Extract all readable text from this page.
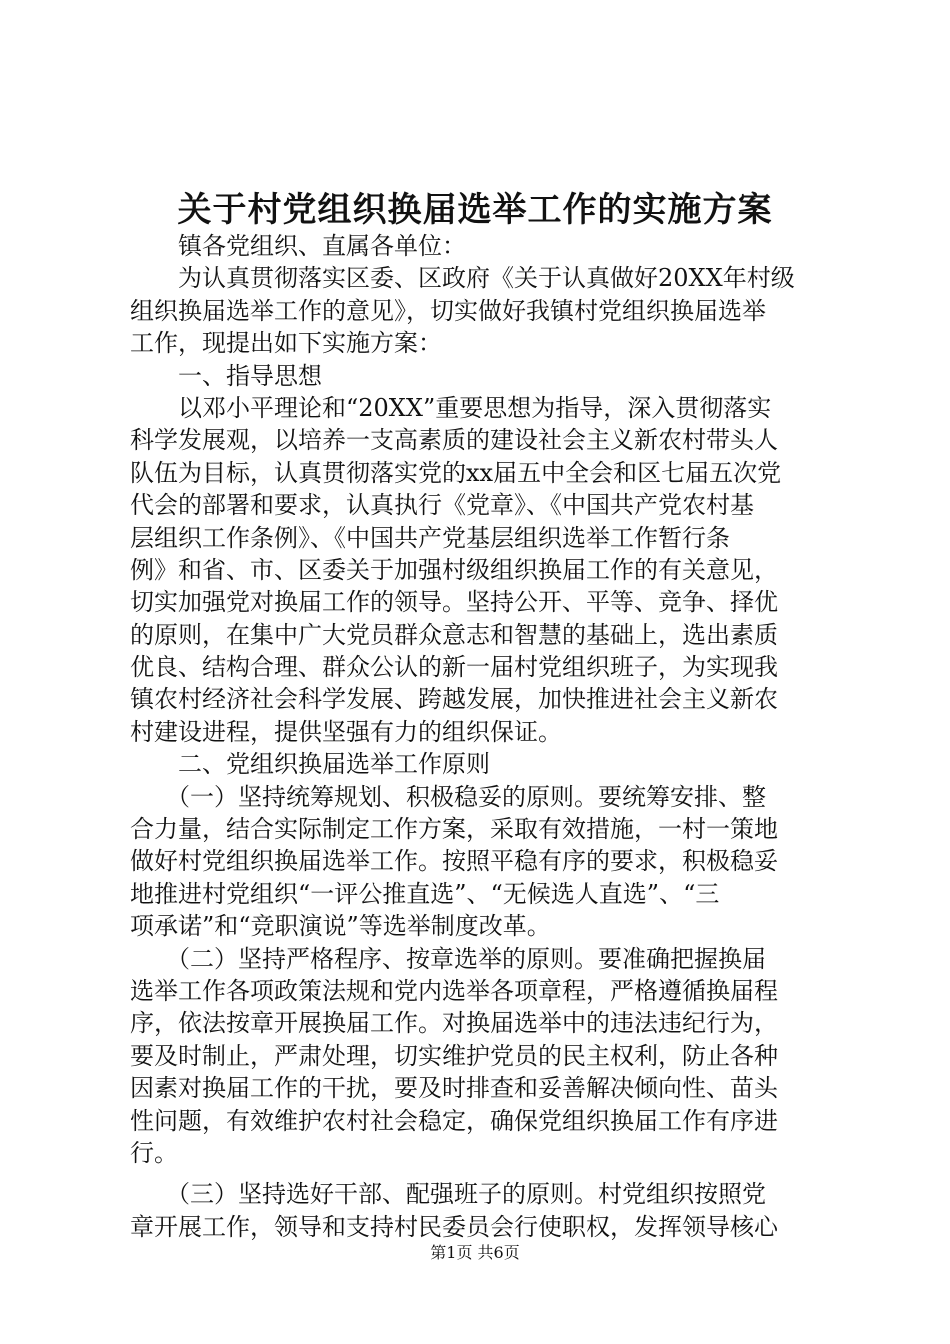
关于村党组织换届选举工作的实施方案
　　镇各党组织、直属各单位：
　　为认真贯彻落实区委、区政府《关于认真做好20XX年村级
组织换届选举工作的意见》，切实做好我镇村党组织换届选举
工作，现提出如下实施方案：
　　一、指导思想
　　以邓小平理论和“20XX”重要思想为指导，深入贯彻落实
科学发展观，以培养一支高素质的建设社会主义新农村带头人
队伍为目标，认真贯彻落实党的xx届五中全会和区七届五次党
代会的部署和要求，认真执行《党章》、《中国共产党农村基
层组织工作条例》、《中国共产党基层组织选举工作暂行条
例》和省、市、区委关于加强村级组织换届工作的有关意见，
切实加强党对换届工作的领导。坚持公开、平等、竞争、择优
的原则，在集中广大党员群众意志和智慧的基础上，选出素质
优良、结构合理、群众公认的新一届村党组织班子，为实现我
镇农村经济社会科学发展、跨越发展，加快推进社会主义新农
村建设进程，提供坚强有力的组织保证。
　　二、党组织换届选举工作原则
　　（一）坚持统筹规划、积极稳妥的原则。要统筹安排、整
合力量，结合实际制定工作方案，采取有效措施，一村一策地
做好村党组织换届选举工作。按照平稳有序的要求，积极稳妥
地推进村党组织“一评公推直选”、“无候选人直选”、“三
项承诺”和“竞职演说”等选举制度改革。
　　（二）坚持严格程序、按章选举的原则。要准确把握换届
选举工作各项政策法规和党内选举各项章程，严格遵循换届程
序，依法按章开展换届工作。对换届选举中的违法违纪行为，
要及时制止，严肃处理，切实维护党员的民主权利，防止各种
因素对换届工作的干扰，要及时排查和妥善解决倾向性、苗头
性问题，有效维护农村社会稳定，确保党组织换届工作有序进
行。
　　（三）坚持选好干部、配强班子的原则。村党组织按照党
章开展工作，领导和支持村民委员会行使职权，发挥领导核心
第1页 共6页
